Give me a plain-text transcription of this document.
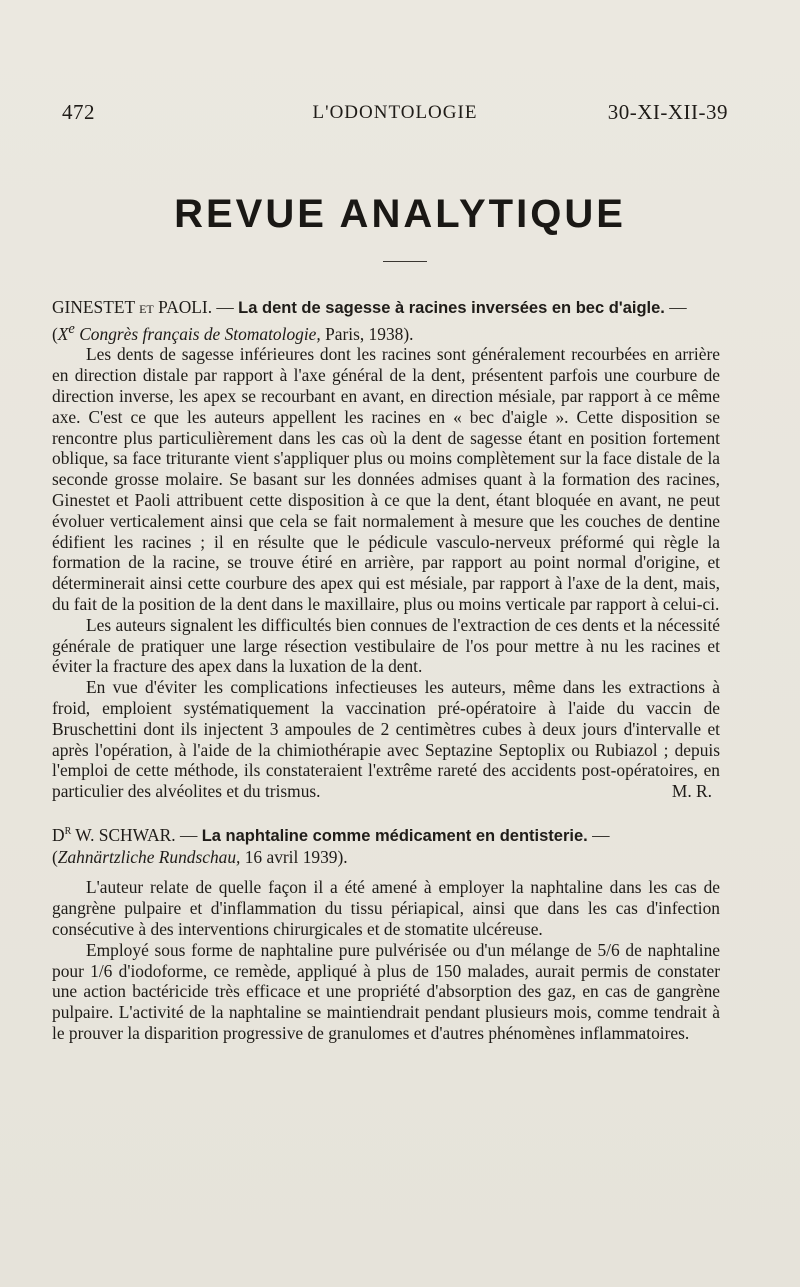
472	L'ODONTOLOGIE	30-XI-XII-39
REVUE ANALYTIQUE

GINESTET et PAOLI. — La dent de sagesse à racines inversées en bec d'aigle. —
(Xe Congrès français de Stomatologie, Paris, 1938).

Les dents de sagesse inférieures dont les racines sont généralement recourbées en arrière en direction distale par rapport à l'axe général de la dent, présentent parfois une courbure de direction inverse, les apex se recourbant en avant, en direction mésiale, par rapport à ce même axe. C'est ce que les auteurs appellent les racines en « bec d'aigle ». Cette disposition se rencontre plus particulièrement dans les cas où la dent de sagesse étant en position fortement oblique, sa face triturante vient s'appliquer plus ou moins complètement sur la face distale de la seconde grosse molaire. Se basant sur les données admises quant à la formation des racines, Ginestet et Paoli attribuent cette disposition à ce que la dent, étant bloquée en avant, ne peut évoluer verticalement ainsi que cela se fait normalement à mesure que les couches de dentine édifient les racines ; il en résulte que le pédicule vasculo-nerveux préformé qui règle la formation de la racine, se trouve étiré en arrière, par rapport au point normal d'origine, et déterminerait ainsi cette courbure des apex qui est mésiale, par rapport à l'axe de la dent, mais, du fait de la position de la dent dans le maxillaire, plus ou moins verticale par rapport à celui-ci.

Les auteurs signalent les difficultés bien connues de l'extraction de ces dents et la nécessité générale de pratiquer une large résection vestibulaire de l'os pour mettre à nu les racines et éviter la fracture des apex dans la luxation de la dent.

En vue d'éviter les complications infectieuses les auteurs, même dans les extractions à froid, emploient systématiquement la vaccination pré-opératoire à l'aide du vaccin de Bruschettini dont ils injectent 3 ampoules de 2 centimètres cubes à deux jours d'intervalle et après l'opération, à l'aide de la chimiothérapie avec Septazine Septoplix ou Rubiazol ; depuis l'emploi de cette méthode, ils constateraient l'extrême rareté des accidents post-opératoires, en particulier des alvéolites et du trismus.	M. R.

$D^r$ W. SCHWAR. — La naphtaline comme médicament en dentisterie. —
(Zahnärtzliche Rundschau, 16 avril 1939).

L'auteur relate de quelle façon il a été amené à employer la naphtaline dans les cas de gangrène pulpaire et d'inflammation du tissu périapical, ainsi que dans les cas d'infection consécutive à des interventions chirurgicales et de stomatite ulcéreuse.

Employé sous forme de naphtaline pure pulvérisée ou d'un mélange de 5/6 de naphtaline pour 1/6 d'iodoforme, ce remède, appliqué à plus de 150 malades, aurait permis de constater une action bactéricide très efficace et une propriété d'absorption des gaz, en cas de gangrène pulpaire. L'activité de la naphtaline se maintiendrait pendant plusieurs mois, comme tendrait à le prouver la disparition progressive de granulomes et d'autres phénomènes inflammatoires.
